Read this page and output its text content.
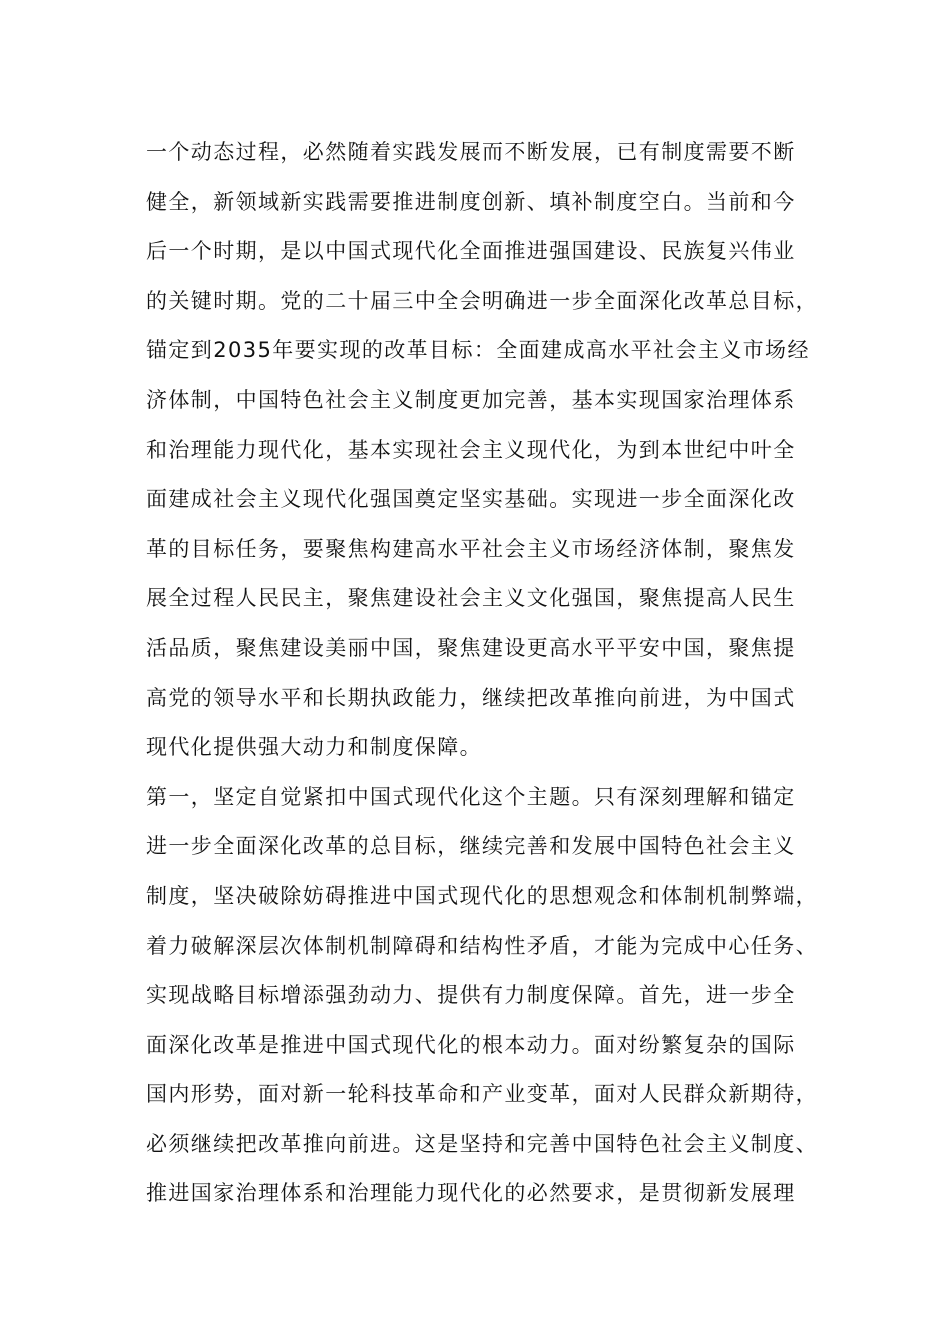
一个动态过程，必然随着实践发展而不断发展，已有制度需要不断
健全，新领域新实践需要推进制度创新、填补制度空白。当前和今
后一个时期，是以中国式现代化全面推进强国建设、民族复兴伟业
的关键时期。党的二十届三中全会明确进一步全面深化改革总目标，
锚定到2035年要实现的改革目标：全面建成高水平社会主义市场经
济体制，中国特色社会主义制度更加完善，基本实现国家治理体系
和治理能力现代化，基本实现社会主义现代化，为到本世纪中叶全
面建成社会主义现代化强国奠定坚实基础。实现进一步全面深化改
革的目标任务，要聚焦构建高水平社会主义市场经济体制，聚焦发
展全过程人民民主，聚焦建设社会主义文化强国，聚焦提高人民生
活品质，聚焦建设美丽中国，聚焦建设更高水平平安中国，聚焦提
高党的领导水平和长期执政能力，继续把改革推向前进，为中国式
现代化提供强大动力和制度保障。
第一，坚定自觉紧扣中国式现代化这个主题。只有深刻理解和锚定
进一步全面深化改革的总目标，继续完善和发展中国特色社会主义
制度，坚决破除妨碍推进中国式现代化的思想观念和体制机制弊端，
着力破解深层次体制机制障碍和结构性矛盾，才能为完成中心任务、
实现战略目标增添强劲动力、提供有力制度保障。首先，进一步全
面深化改革是推进中国式现代化的根本动力。面对纷繁复杂的国际
国内形势，面对新一轮科技革命和产业变革，面对人民群众新期待，
必须继续把改革推向前进。这是坚持和完善中国特色社会主义制度、
推进国家治理体系和治理能力现代化的必然要求，是贯彻新发展理
